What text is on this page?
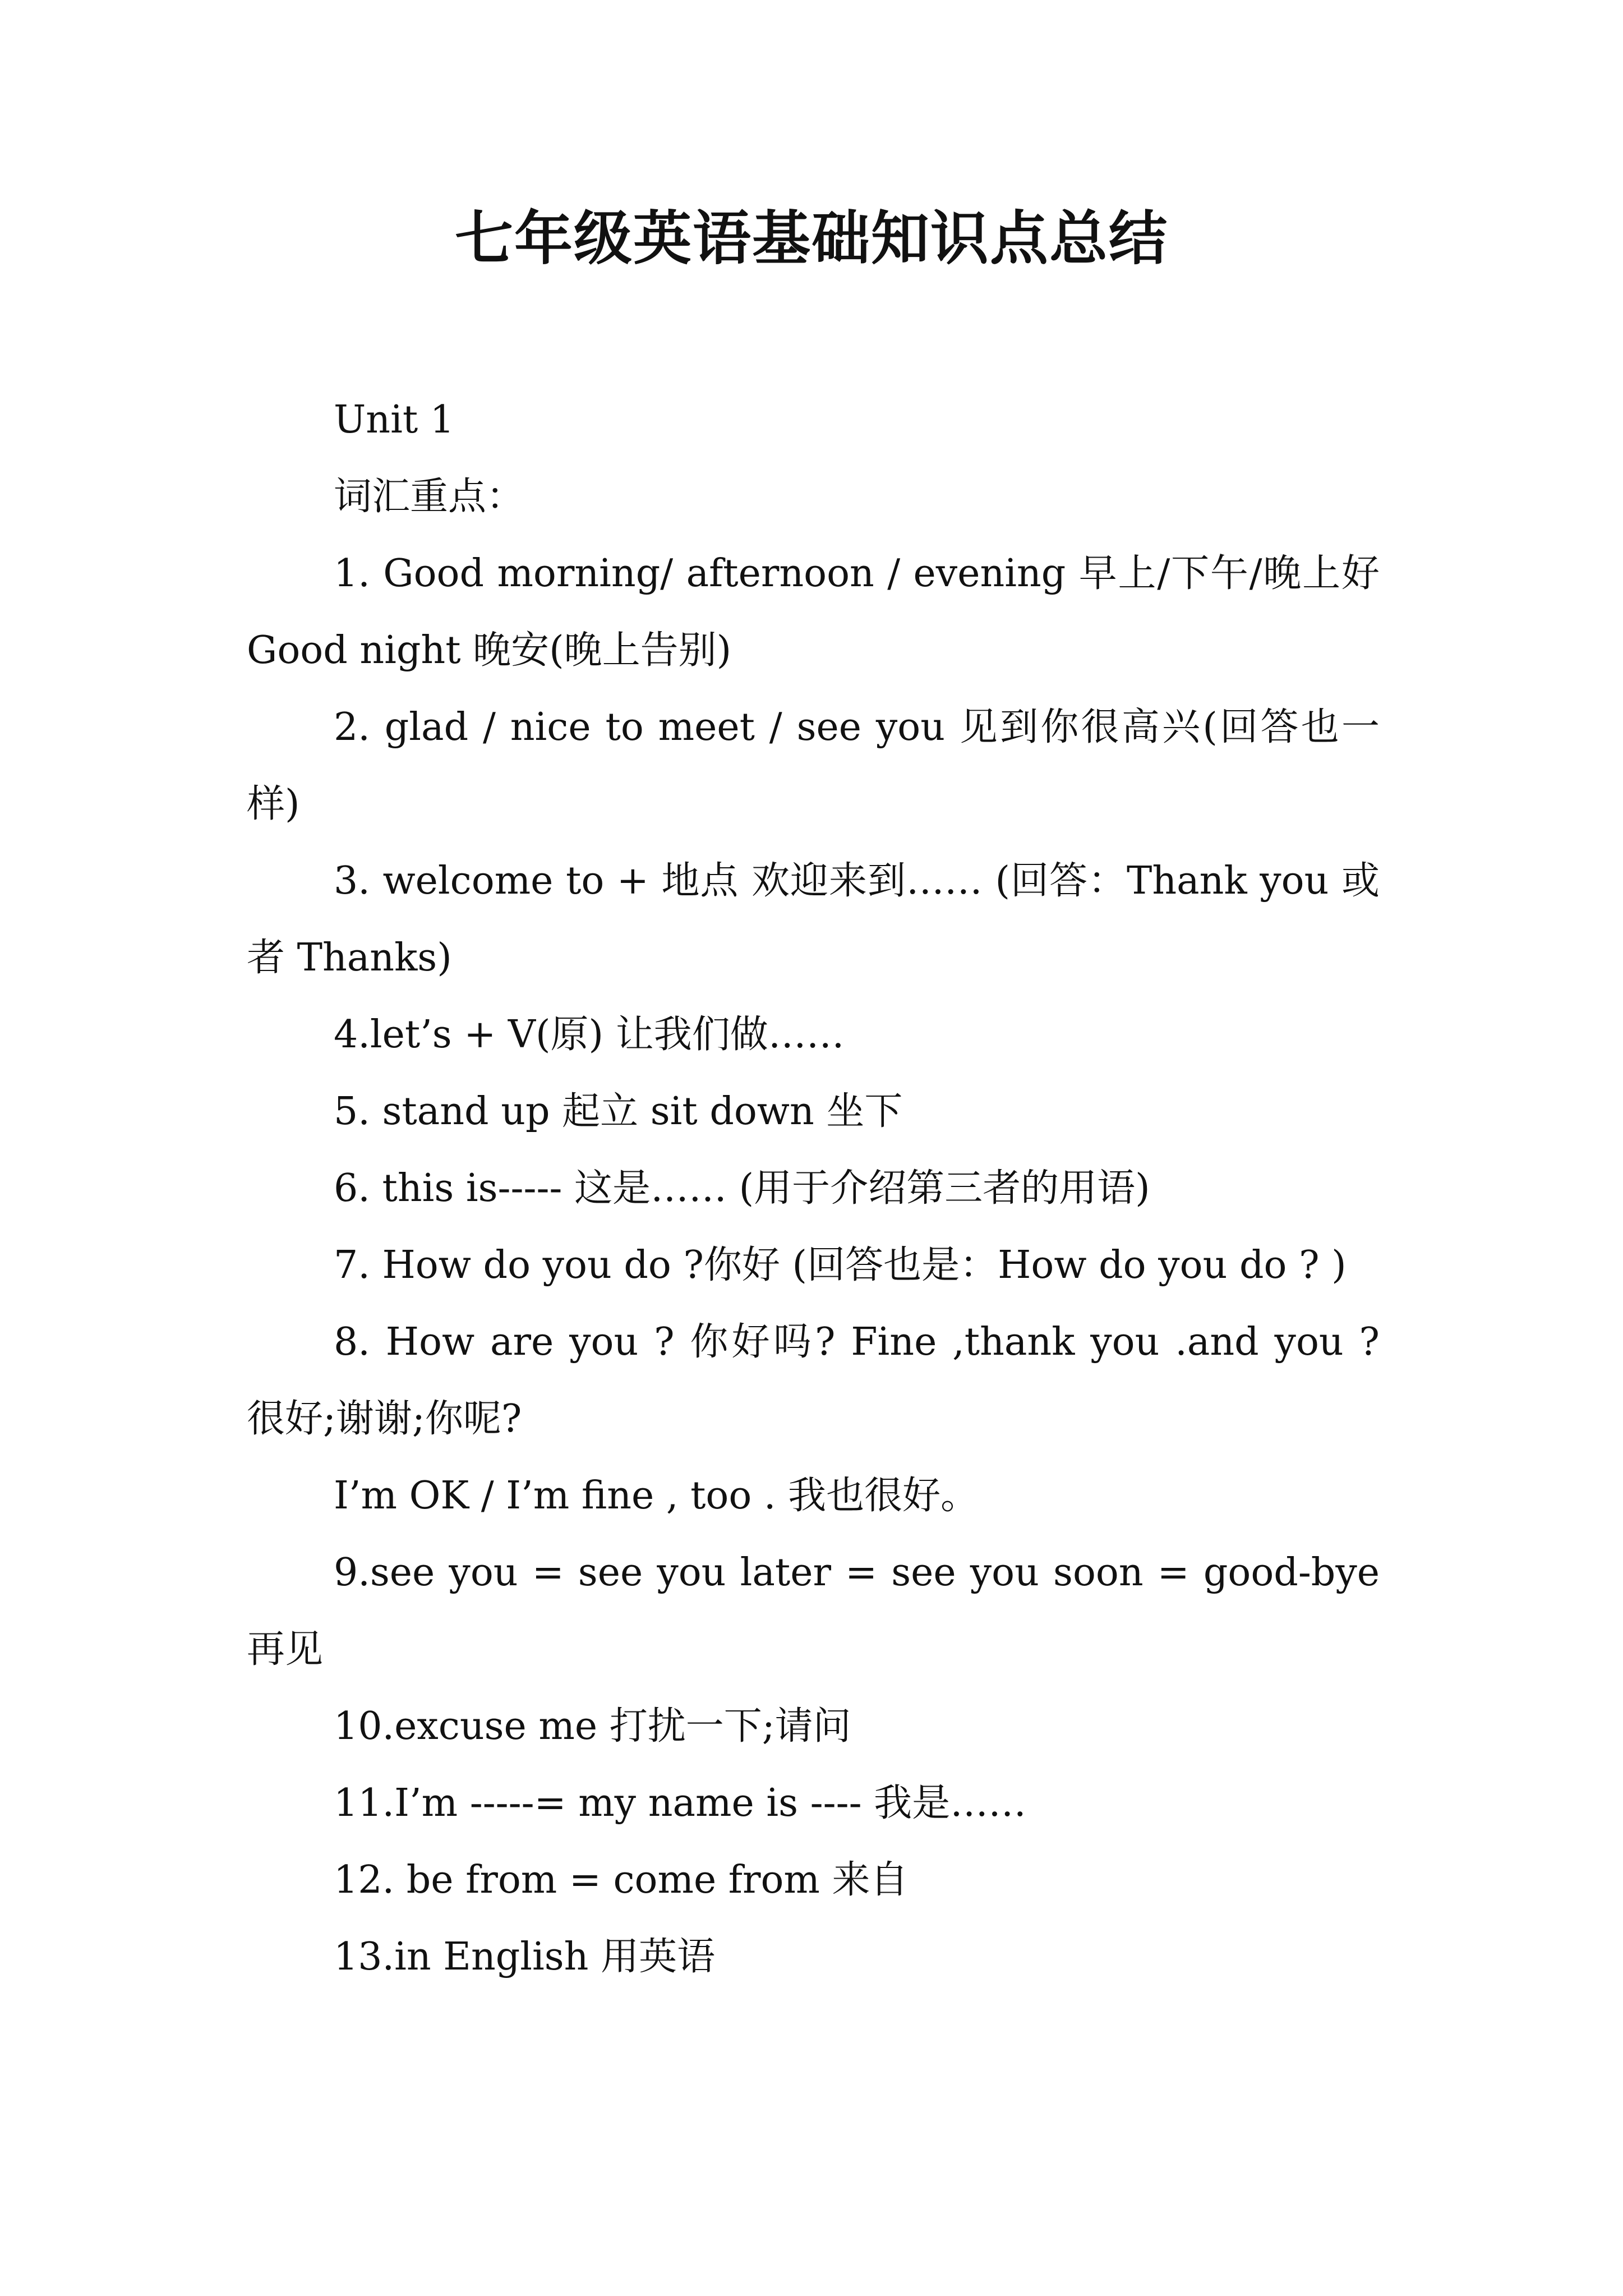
七年级英语基础知识点总结

Unit 1

词汇重点：

1. Good morning/ afternoon / evening 早上/下午/晚上好 Good night 晚安(晚上告别)

2. glad / nice to meet / see you 见到你很高兴(回答也一样)

3. welcome to + 地点 欢迎来到…… (回答：Thank you 或者 Thanks)

4.let’s + V(原) 让我们做……

5. stand up 起立 sit down 坐下

6. this is----- 这是…… (用于介绍第三者的用语)

7. How do you do ?你好 (回答也是：How do you do ? )

8. How are you ? 你好吗? Fine ,thank you .and you ? 很好;谢谢;你呢?

I’m OK / I’m fine , too . 我也很好。

9.see you = see you later = see you soon = good-bye 再见

10.excuse me 打扰一下;请问

11.I’m -----= my name is ---- 我是……

12. be from = come from 来自

13.in English 用英语
